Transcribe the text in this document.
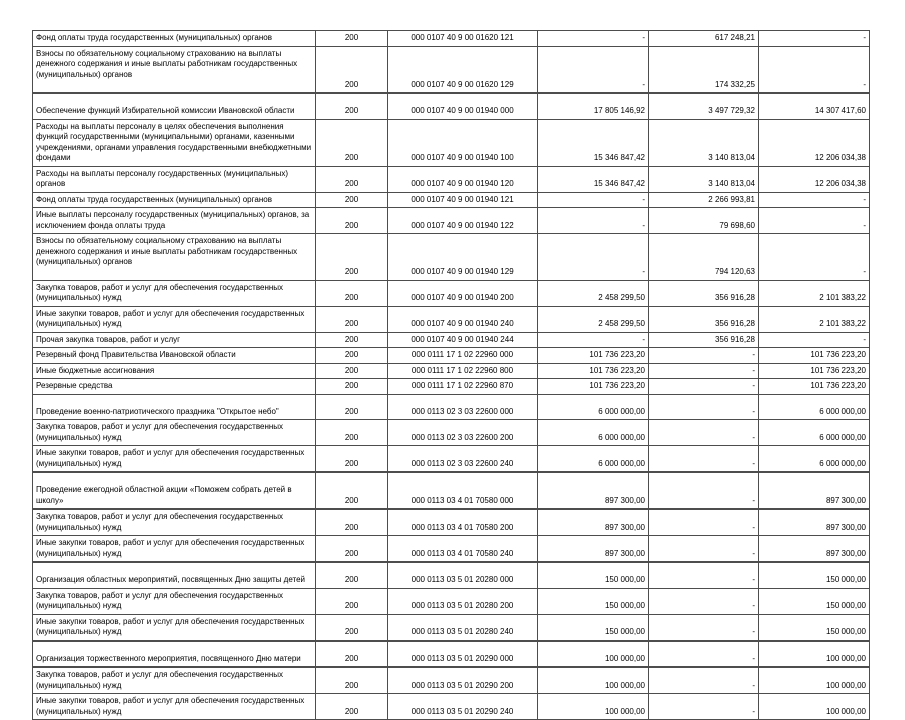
Фонд оплаты труда государственных (муниципальных) органов	200	000 0107 40 9 00 01620 121	-	617 248,21	-
Взносы по обязательному социальному страхованию на выплаты денежного содержания и иные выплаты работникам государственных (муниципальных) органов	200	000 0107 40 9 00 01620 129	-	174 332,25	-
Обеспечение функций Избирательной комиссии Ивановской области	200	000 0107 40 9 00 01940 000	17 805 146,92	3 497 729,32	14 307 417,60
Расходы на выплаты персоналу в целях обеспечения выполнения функций государственными (муниципальными) органами, казенными учреждениями, органами управления государственными внебюджетными фондами	200	000 0107 40 9 00 01940 100	15 346 847,42	3 140 813,04	12 206 034,38
Расходы на выплаты персоналу государственных (муниципальных) органов	200	000 0107 40 9 00 01940 120	15 346 847,42	3 140 813,04	12 206 034,38
Фонд оплаты труда государственных (муниципальных) органов	200	000 0107 40 9 00 01940 121	-	2 266 993,81	-
Иные выплаты персоналу государственных (муниципальных) органов, за исключением фонда оплаты труда	200	000 0107 40 9 00 01940 122	-	79 698,60	-
Взносы по обязательному социальному страхованию на выплаты денежного содержания и иные выплаты работникам государственных (муниципальных) органов	200	000 0107 40 9 00 01940 129	-	794 120,63	-
Закупка товаров, работ и услуг для обеспечения государственных (муниципальных) нужд	200	000 0107 40 9 00 01940 200	2 458 299,50	356 916,28	2 101 383,22
Иные закупки товаров, работ и услуг для обеспечения государственных (муниципальных) нужд	200	000 0107 40 9 00 01940 240	2 458 299,50	356 916,28	2 101 383,22
Прочая закупка товаров, работ и услуг	200	000 0107 40 9 00 01940 244	-	356 916,28	-
Резервный фонд Правительства Ивановской области	200	000 0111 17 1 02 22960 000	101 736 223,20	-	101 736 223,20
Иные бюджетные ассигнования	200	000 0111 17 1 02 22960 800	101 736 223,20	-	101 736 223,20
Резервные средства	200	000 0111 17 1 02 22960 870	101 736 223,20	-	101 736 223,20
Проведение военно-патриотического праздника "Открытое небо"	200	000 0113 02 3 03 22600 000	6 000 000,00	-	6 000 000,00
Закупка товаров, работ и услуг для обеспечения государственных (муниципальных) нужд	200	000 0113 02 3 03 22600 200	6 000 000,00	-	6 000 000,00
Иные закупки товаров, работ и услуг для обеспечения государственных (муниципальных) нужд	200	000 0113 02 3 03 22600 240	6 000 000,00	-	6 000 000,00
Проведение ежегодной областной акции «Поможем собрать детей в школу»	200	000 0113 03 4 01 70580 000	897 300,00	-	897 300,00
Закупка товаров, работ и услуг для обеспечения государственных (муниципальных) нужд	200	000 0113 03 4 01 70580 200	897 300,00	-	897 300,00
Иные закупки товаров, работ и услуг для обеспечения государственных (муниципальных) нужд	200	000 0113 03 4 01 70580 240	897 300,00	-	897 300,00
Организация областных мероприятий, посвященных Дню защиты детей	200	000 0113 03 5 01 20280 000	150 000,00	-	150 000,00
Закупка товаров, работ и услуг для обеспечения государственных (муниципальных) нужд	200	000 0113 03 5 01 20280 200	150 000,00	-	150 000,00
Иные закупки товаров, работ и услуг для обеспечения государственных (муниципальных) нужд	200	000 0113 03 5 01 20280 240	150 000,00	-	150 000,00
Организация торжественного мероприятия, посвященного Дню матери	200	000 0113 03 5 01 20290 000	100 000,00	-	100 000,00
Закупка товаров, работ и услуг для обеспечения государственных (муниципальных) нужд	200	000 0113 03 5 01 20290 200	100 000,00	-	100 000,00
Иные закупки товаров, работ и услуг для обеспечения государственных (муниципальных) нужд	200	000 0113 03 5 01 20290 240	100 000,00	-	100 000,00
